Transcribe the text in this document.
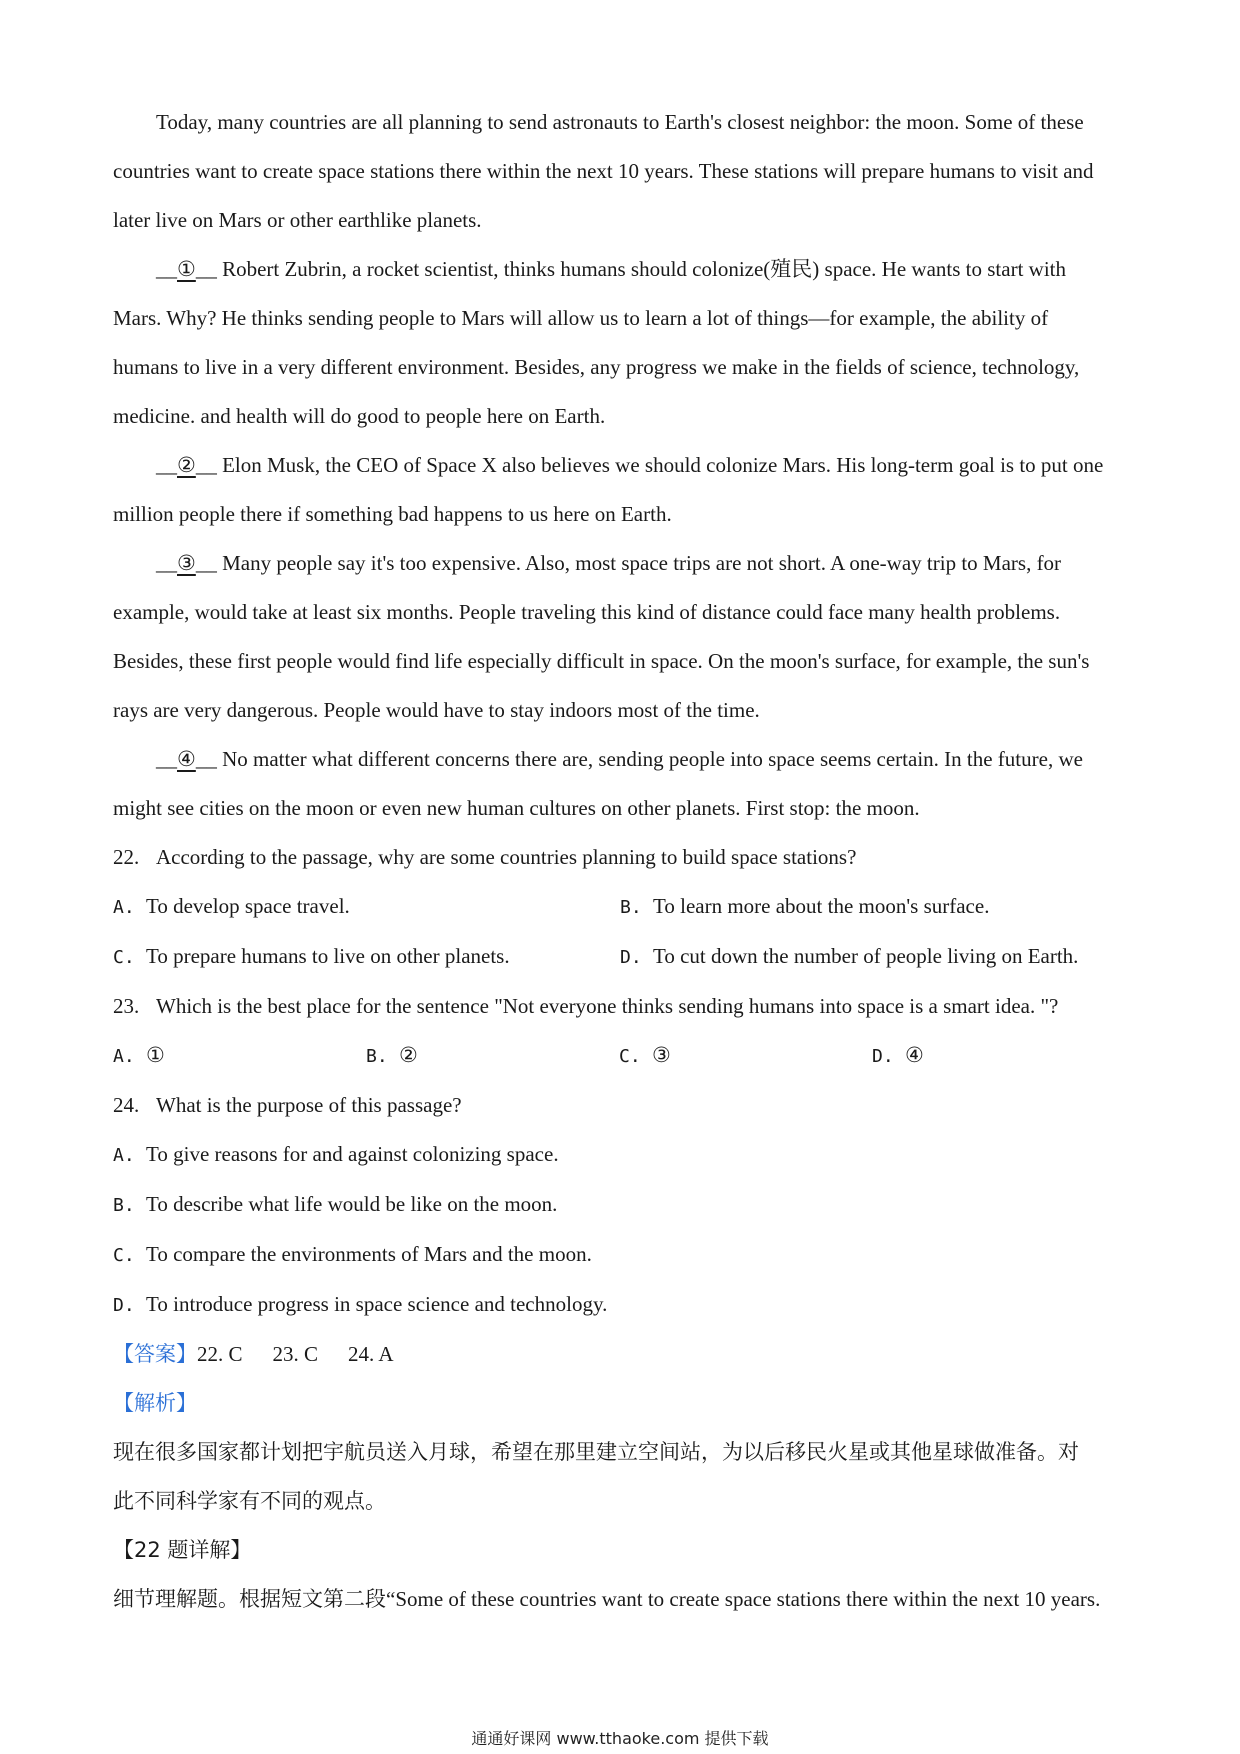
Today, many countries are all planning to send astronauts to Earth's closest neighbor: the moon. Some of these
countries want to create space stations there within the next 10 years. These stations will prepare humans to visit and
later live on Mars or other earthlike planets.
__①__ Robert Zubrin, a rocket scientist, thinks humans should colonize(殖民) space. He wants to start with
Mars. Why? He thinks sending people to Mars will allow us to learn a lot of things—for example, the ability of
humans to live in a very different environment. Besides, any progress we make in the fields of science, technology,
medicine. and health will do good to people here on Earth.
__②__ Elon Musk, the CEO of Space X also believes we should colonize Mars. His long-term goal is to put one
million people there if something bad happens to us here on Earth.
__③__ Many people say it's too expensive. Also, most space trips are not short. A one-way trip to Mars, for
example, would take at least six months. People traveling this kind of distance could face many health problems.
Besides, these first people would find life especially difficult in space. On the moon's surface, for example, the sun's
rays are very dangerous. People would have to stay indoors most of the time.
__④__ No matter what different concerns there are, sending people into space seems certain. In the future, we
might see cities on the moon or even new human cultures on other planets. First stop: the moon.
22. According to the passage, why are some countries planning to build space stations?
A. To develop space travel.	B. To learn more about the moon's surface.
C. To prepare humans to live on other planets.	D. To cut down the number of people living on Earth.
23. Which is the best place for the sentence "Not everyone thinks sending humans into space is a smart idea. "?
A. ①	B. ②	C. ③	D. ④
24. What is the purpose of this passage?
A. To give reasons for and against colonizing space.
B. To describe what life would be like on the moon.
C. To compare the environments of Mars and the moon.
D. To introduce progress in space science and technology.
【答案】22. C 23. C 24. A
【解析】
现在很多国家都计划把宇航员送入月球，希望在那里建立空间站，为以后移民火星或其他星球做准备。对
此不同科学家有不同的观点。
【22 题详解】
细节理解题。根据短文第二段“Some of these countries want to create space stations there within the next 10 years.
通通好课网 www.tthaoke.com 提供下载
